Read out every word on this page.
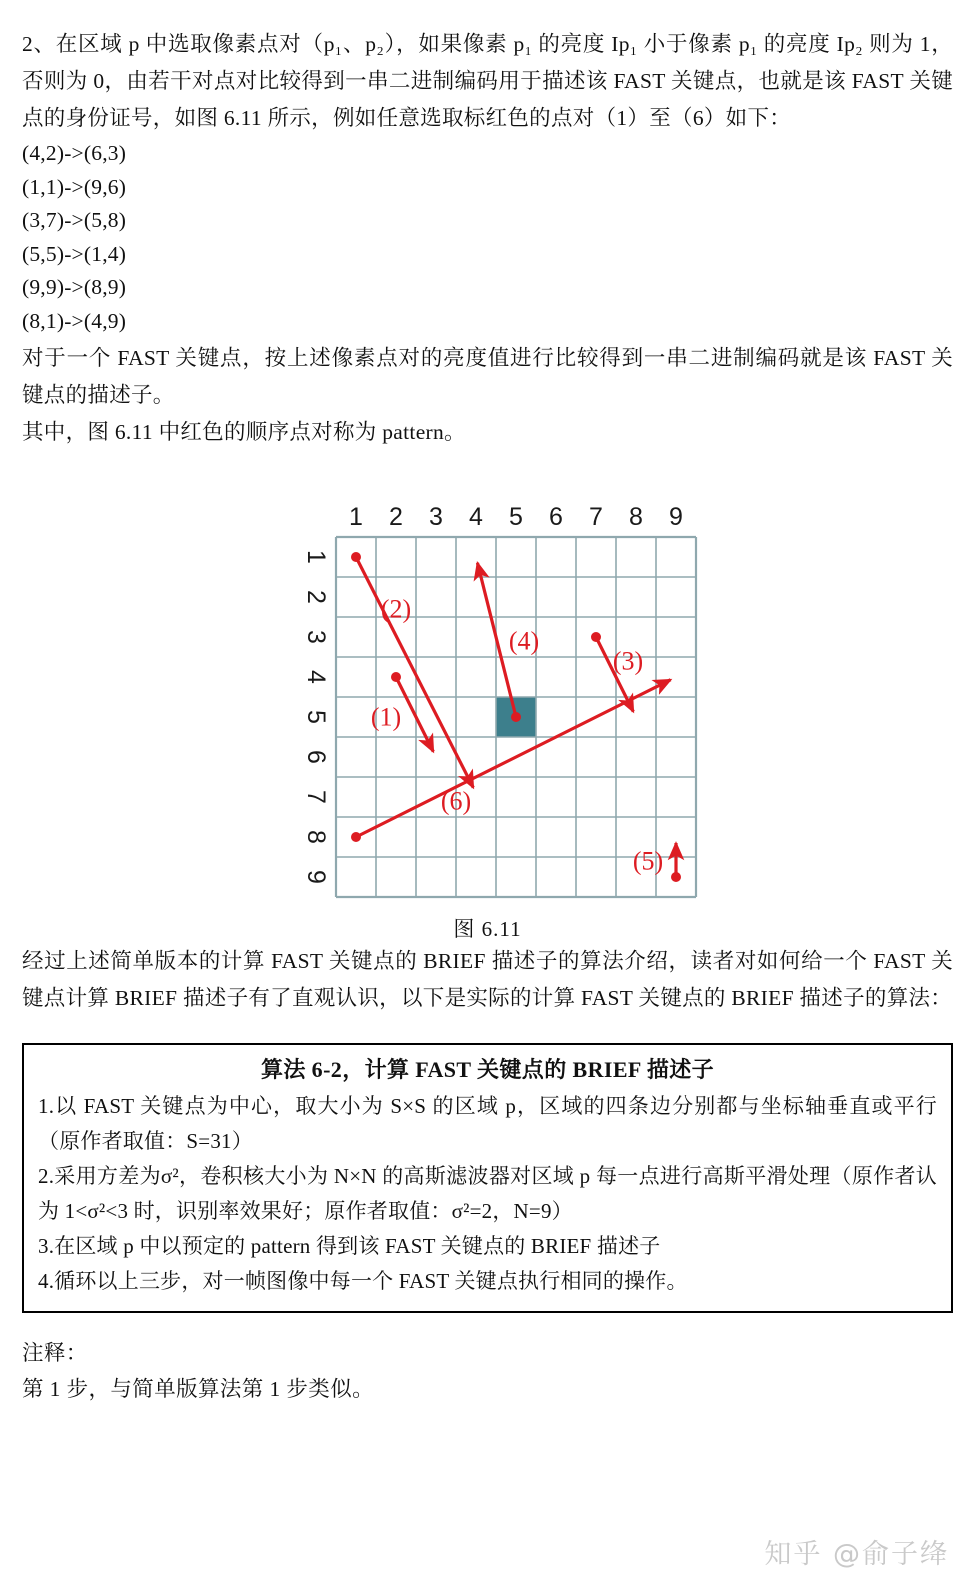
2、在区域 p 中选取像素点对（p₁、p₂），如果像素 p₁ 的亮度 Ip₁ 小于像素 p₁ 的亮度 Ip₂ 则为 1，否则为 0，由若干对点对比较得到一串二进制编码用于描述该 FAST 关键点，也就是该 FAST 关键点的身份证号，如图 6.11 所示，例如任意选取标红色的点对（1）至（6）如下：

(4,2)->(6,3)
(1,1)->(9,6)
(3,7)->(5,8)
(5,5)->(1,4)
(9,9)->(8,9)
(8,1)->(4,9)

对于一个 FAST 关键点，按上述像素点对的亮度值进行比较得到一串二进制编码就是该 FAST 关键点的描述子。

其中，图 6.11 中红色的顺序点对称为 pattern。

1 2 3 4 5 6 7 8 9
1
2
3
4
5
6
7
8
9
(1)
(2)
(3)
(4)
(5)
(6)
图 6.11

经过上述简单版本的计算 FAST 关键点的 BRIEF 描述子的算法介绍，读者对如何给一个 FAST 关键点计算 BRIEF 描述子有了直观认识，以下是实际的计算 FAST 关键点的 BRIEF 描述子的算法：

算法 6-2，计算 FAST 关键点的 BRIEF 描述子
1.以 FAST 关键点为中心，取大小为 S×S 的区域 p，区域的四条边分别都与坐标轴垂直或平行 （原作者取值：S=31）
2.采用方差为σ²，卷积核大小为 N×N 的高斯滤波器对区域 p 每一点进行高斯平滑处理（原作者认为 1<σ²<3 时，识别率效果好；原作者取值：σ²=2，N=9）
3.在区域 p 中以预定的 pattern 得到该 FAST 关键点的 BRIEF 描述子
4.循环以上三步，对一帧图像中每一个 FAST 关键点执行相同的操作。
注释：
第 1 步，与简单版算法第 1 步类似。
知乎 @俞子绛
